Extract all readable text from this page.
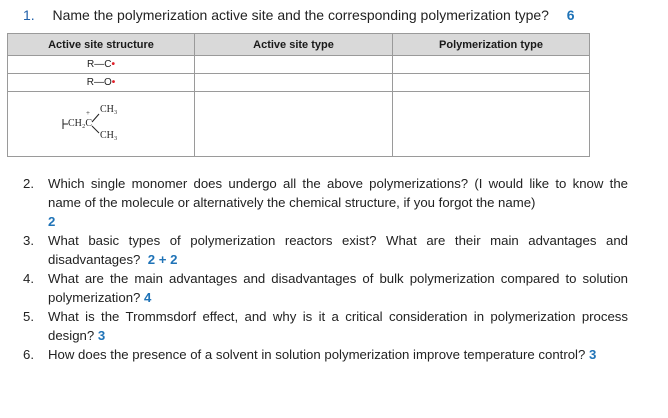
1. Name the polymerization active site and the corresponding polymerization type? 6
Active site structure	Active site type	Polymerization type
R—C•		
R—O•		

CH₂C
+ CH₃
CH₃		

2. Which single monomer does undergo all the above polymerizations? (I would like to know the name of the molecule or alternatively the chemical structure, if you forgot the name)
2
3. What basic types of polymerization reactors exist? What are their main advantages and disadvantages? 2 + 2
4. What are the main advantages and disadvantages of bulk polymerization compared to solution polymerization? 4
5. What is the Trommsdorf effect, and why is it a critical consideration in polymerization process design? 3
6. How does the presence of a solvent in solution polymerization improve temperature control? 3
